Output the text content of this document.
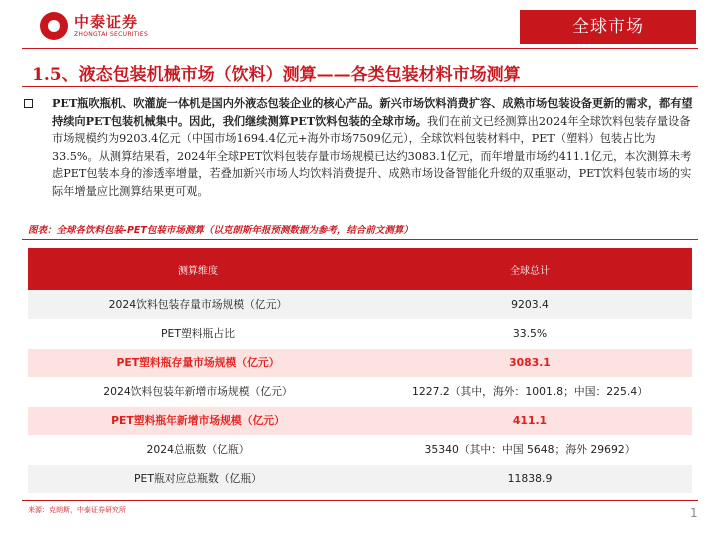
中泰证券
ZHONGTAI SECURITIES	全球市场
1.5、液态包装机械市场（饮料）测算——各类包装材料市场测算
PET瓶吹瓶机、吹灌旋一体机是国内外液态包装企业的核心产品。新兴市场饮料消费扩容、成熟市场包装设备更新的需求，都有望持续向PET包装机械集中。因此，我们继续测算PET饮料包装的全球市场。我们在前文已经测算出2024年全球饮料包装存量设备市场规模约为9203.4亿元（中国市场1694.4亿元+海外市场7509亿元），全球饮料包装材料中，PET（塑料）包装占比为33.5%。从测算结果看，2024年全球PET饮料包装存量市场规模已达约3083.1亿元，而年增量市场约411.1亿元，本次测算未考虑PET包装本身的渗透率增量，若叠加新兴市场人均饮料消费提升、成熟市场设备智能化升级的双重驱动，PET饮料包装市场的实际年增量应比测算结果更可观。
图表：全球各饮料包装-PET包装市场测算（以克朗斯年报预测数据为参考，结合前文测算）
测算维度	全球总计
2024饮料包装存量市场规模（亿元）	9203.4
PET塑料瓶占比	33.5%
PET塑料瓶存量市场规模（亿元）	3083.1
2024饮料包装年新增市场规模（亿元）	1227.2（其中，海外：1001.8；中国：225.4）
PET塑料瓶年新增市场规模（亿元）	411.1
2024总瓶数（亿瓶）	35340（其中：中国 5648；海外 29692）
PET瓶对应总瓶数（亿瓶）	11838.9
来源：克朗斯，中泰证券研究所	1
